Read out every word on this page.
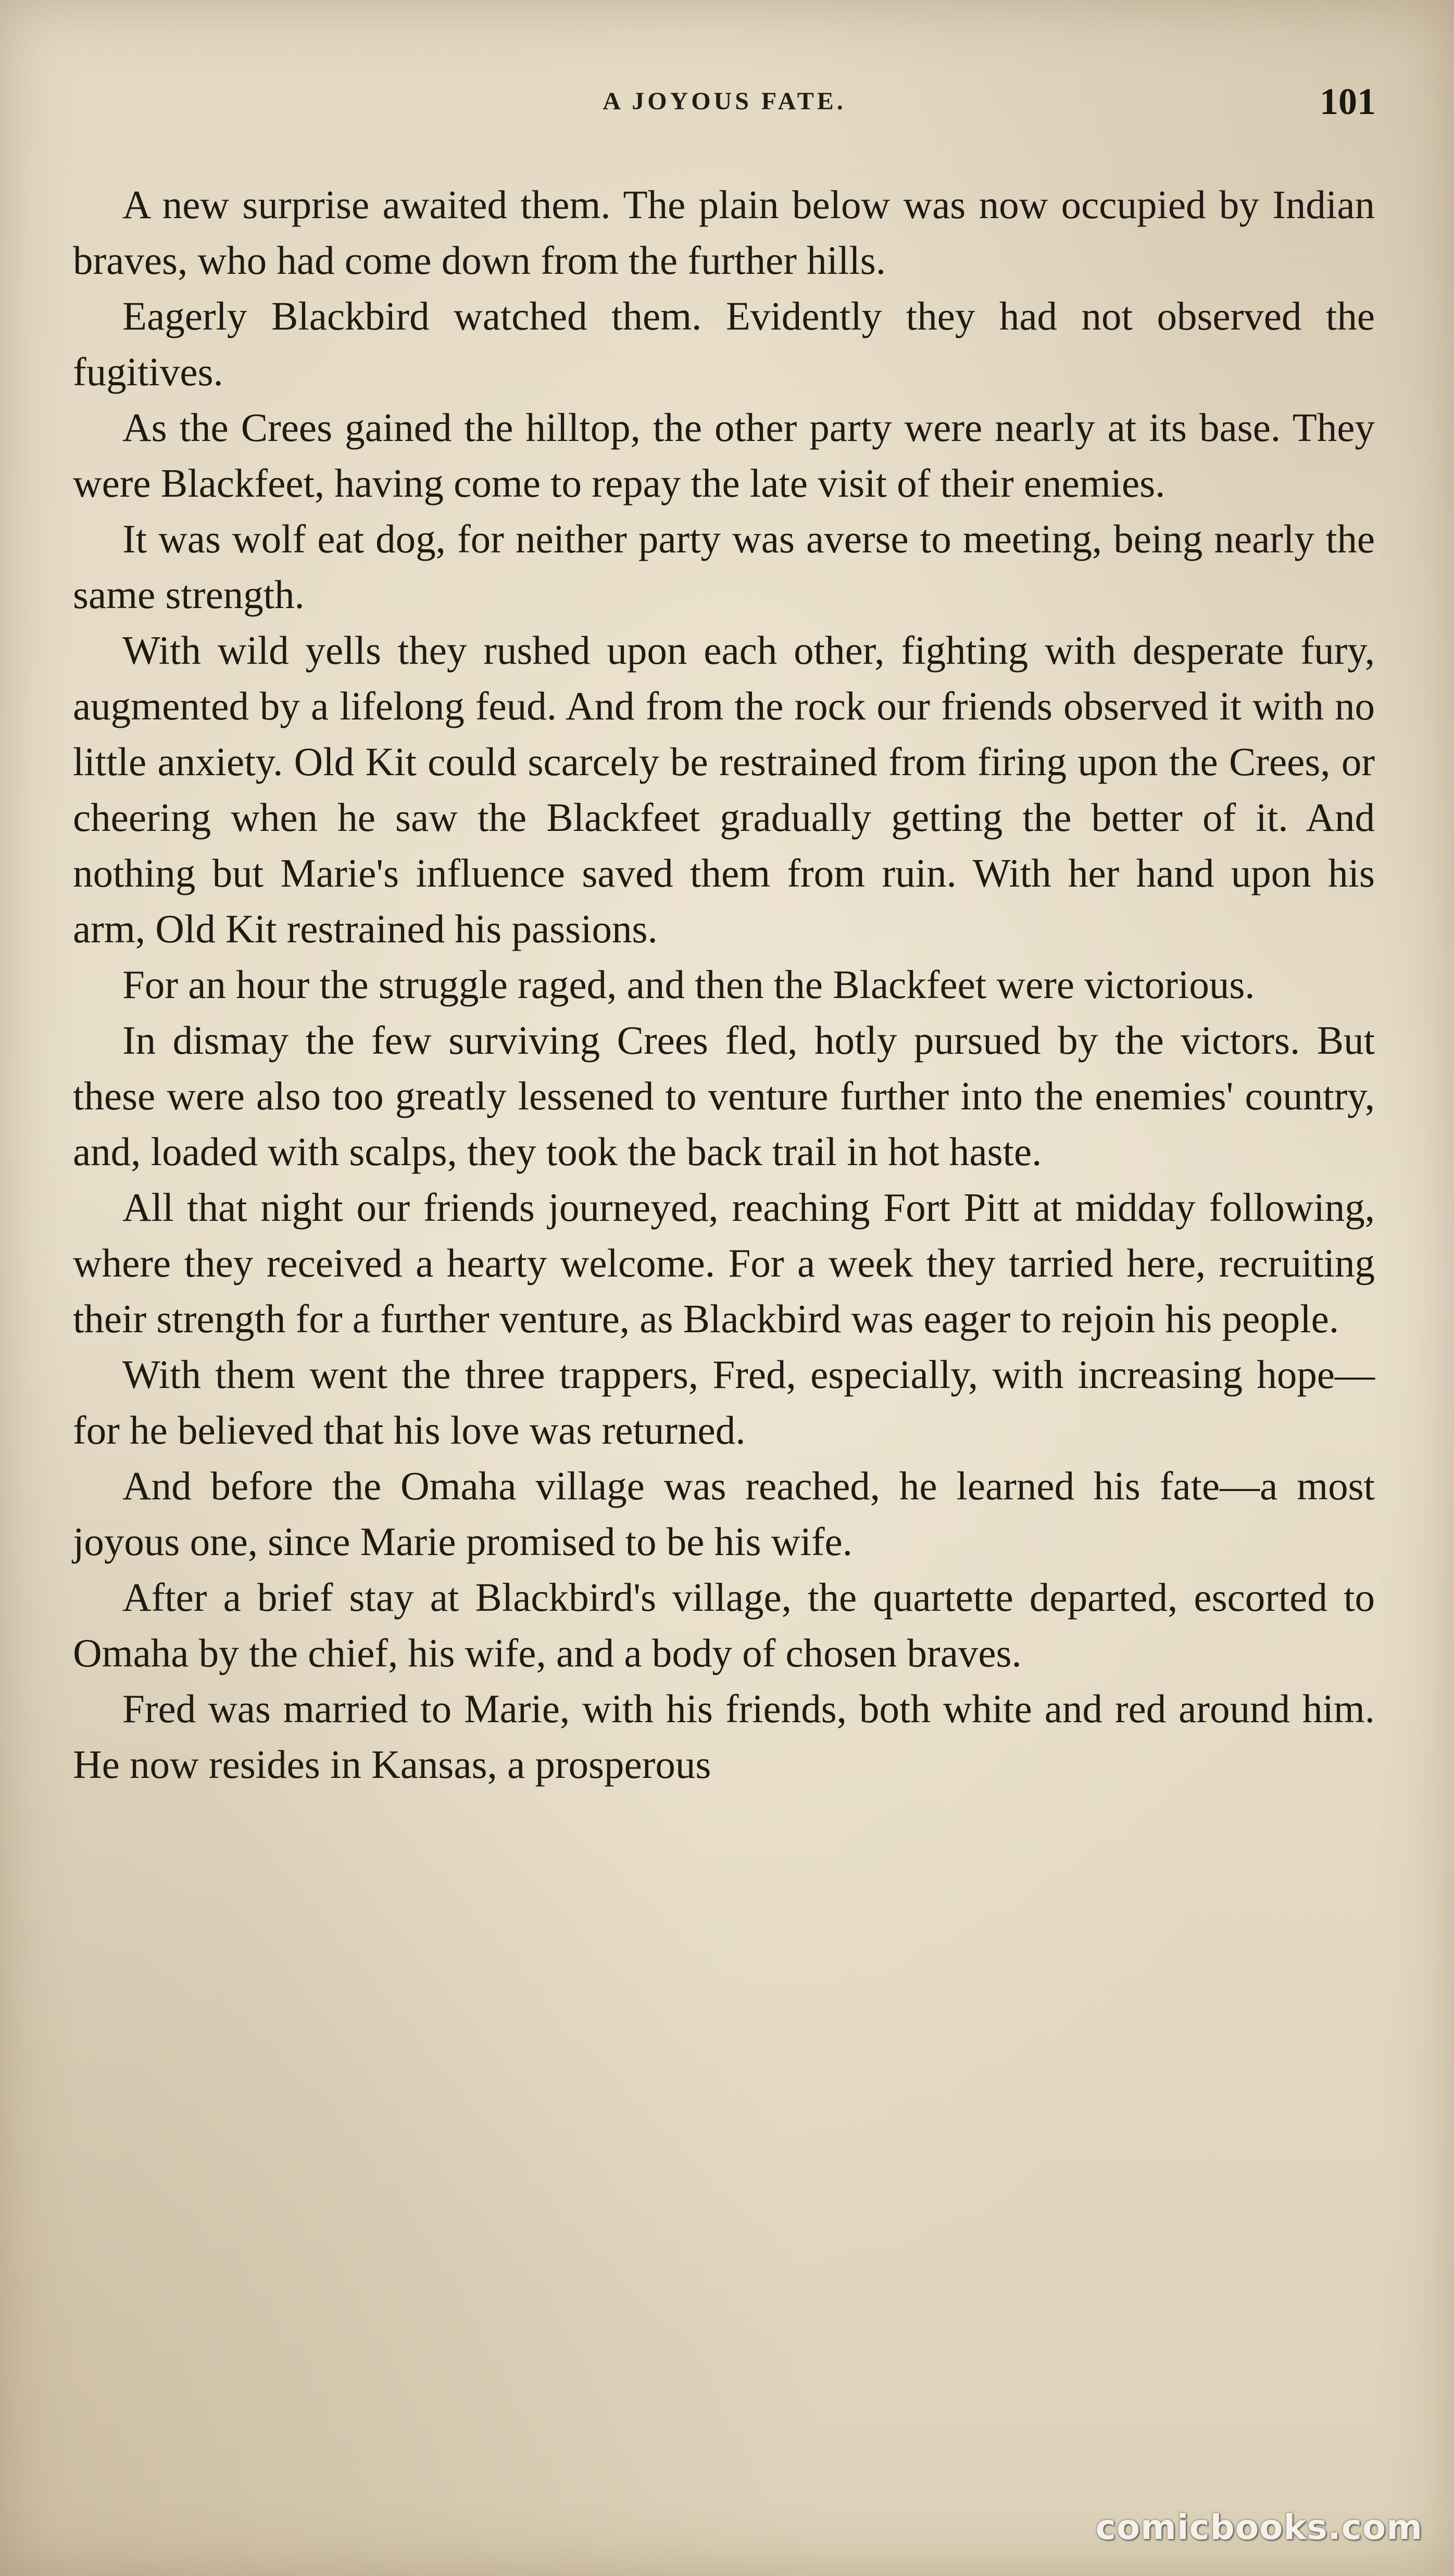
A JOYOUS FATE.	101

A new surprise awaited them. The plain below was now occupied by Indian braves, who had come down from the further hills.

Eagerly Blackbird watched them. Evidently they had not observed the fugitives.

As the Crees gained the hilltop, the other party were nearly at its base. They were Blackfeet, having come to repay the late visit of their enemies.

It was wolf eat dog, for neither party was averse to meeting, being nearly the same strength.

With wild yells they rushed upon each other, fighting with desperate fury, augmented by a lifelong feud. And from the rock our friends observed it with no little anxiety. Old Kit could scarcely be restrained from firing upon the Crees, or cheering when he saw the Blackfeet gradually getting the better of it. And nothing but Marie's influence saved them from ruin. With her hand upon his arm, Old Kit restrained his passions.

For an hour the struggle raged, and then the Blackfeet were victorious.

In dismay the few surviving Crees fled, hotly pursued by the victors. But these were also too greatly lessened to venture further into the enemies' country, and, loaded with scalps, they took the back trail in hot haste.

All that night our friends journeyed, reaching Fort Pitt at midday following, where they received a hearty welcome. For a week they tarried here, recruiting their strength for a further venture, as Blackbird was eager to rejoin his people.

With them went the three trappers, Fred, especially, with increasing hope—for he believed that his love was returned.

And before the Omaha village was reached, he learned his fate—a most joyous one, since Marie promised to be his wife.

After a brief stay at Blackbird's village, the quartette departed, escorted to Omaha by the chief, his wife, and a body of chosen braves.

Fred was married to Marie, with his friends, both white and red around him. He now resides in Kansas, a prosperous

comicbooks.com
